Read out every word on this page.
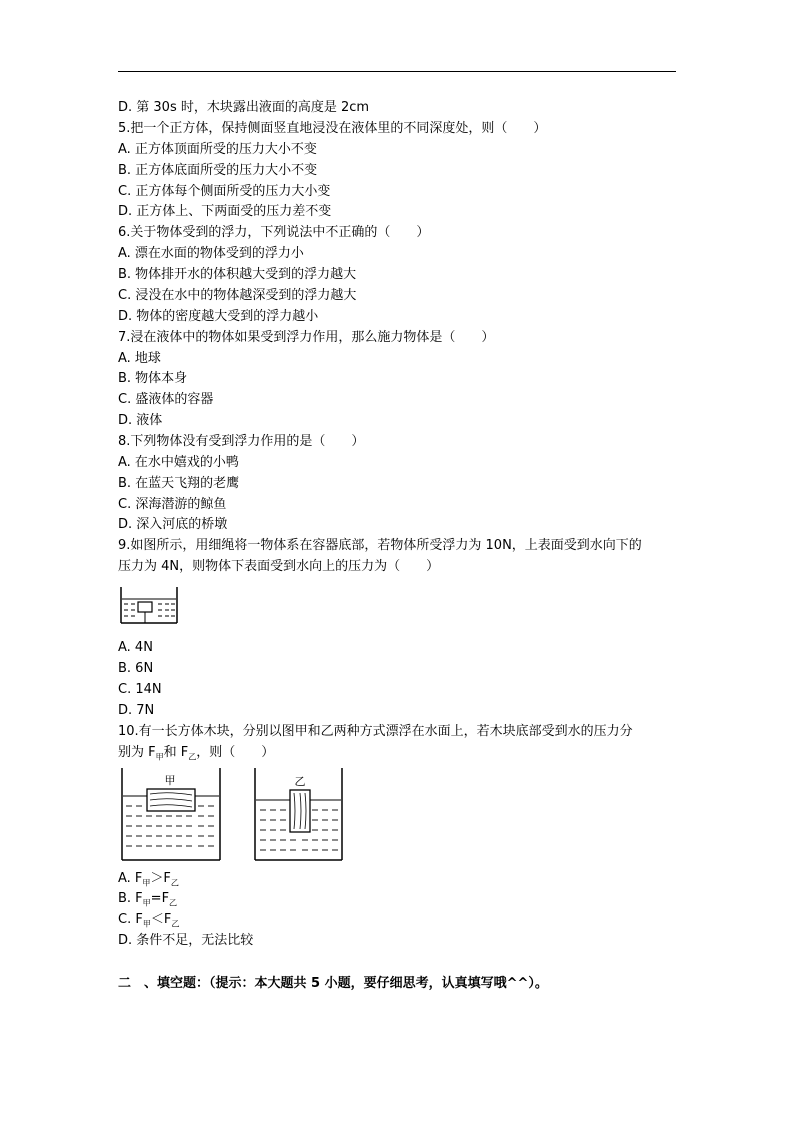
D. 第 30s 时，木块露出液面的高度是 2cm
5.把一个正方体，保持侧面竖直地浸没在液体里的不同深度处，则（　　）
A. 正方体顶面所受的压力大小不变
B. 正方体底面所受的压力大小不变
C. 正方体每个侧面所受的压力大小变
D. 正方体上、下两面受的压力差不变
6.关于物体受到的浮力，下列说法中不正确的（　　）
A. 漂在水面的物体受到的浮力小
B. 物体排开水的体积越大受到的浮力越大
C. 浸没在水中的物体越深受到的浮力越大
D. 物体的密度越大受到的浮力越小
7.浸在液体中的物体如果受到浮力作用，那么施力物体是（　　）
A. 地球
B. 物体本身
C. 盛液体的容器
D. 液体
8.下列物体没有受到浮力作用的是（　　）
A. 在水中嬉戏的小鸭
B. 在蓝天飞翔的老鹰
C. 深海潜游的鲸鱼
D. 深入河底的桥墩
9.如图所示，用细绳将一物体系在容器底部，若物体所受浮力为 10N，上表面受到水向下的
压力为 4N，则物体下表面受到水向上的压力为（　　）
A. 4N
B. 6N
C. 14N
D. 7N
10.有一长方体木块，分别以图甲和乙两种方式漂浮在水面上，若木块底部受到水的压力分
别为 $F_甲$和 $F_乙$，则（　　）
甲	乙
A. $F_甲>F_乙$
B. $F_甲=F_乙$
C. $F_甲<F_乙$
D. 条件不足，无法比较
二　、填空题：（提示：本大题共 5 小题，要仔细思考，认真填写哦^^）。
